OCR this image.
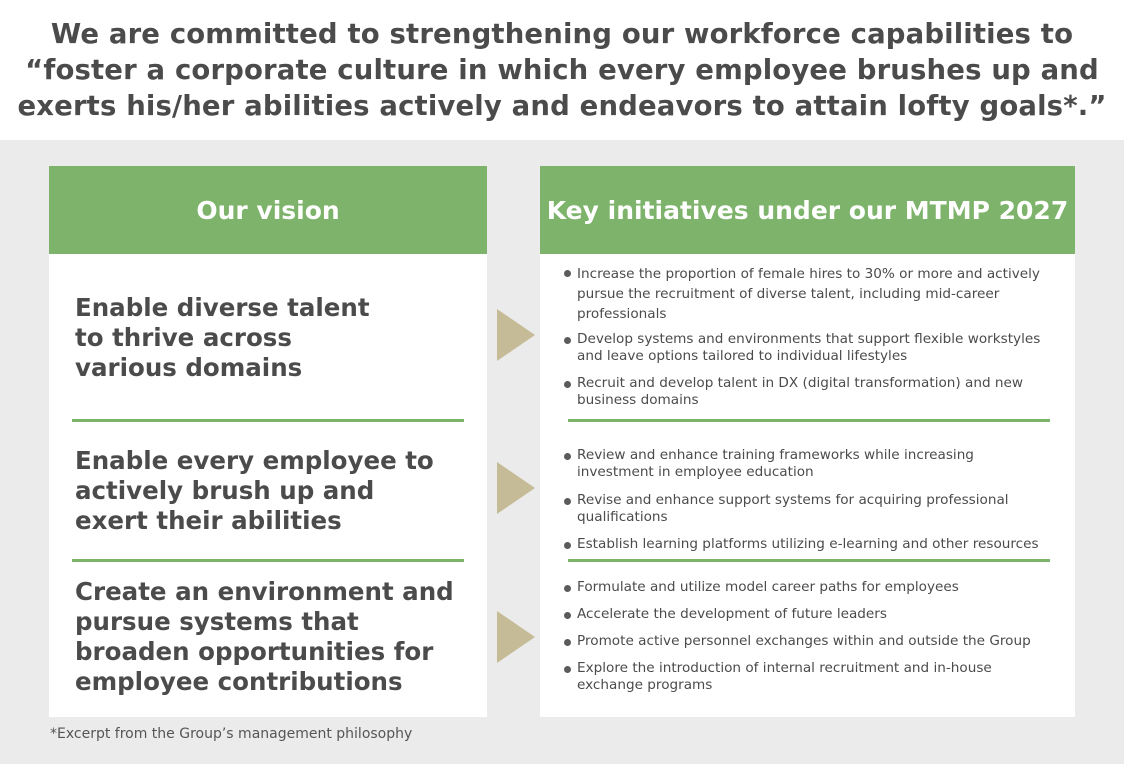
We are committed to strengthening our workforce capabilities to
“foster a corporate culture in which every employee brushes up and
exerts his/her abilities actively and endeavors to attain lofty goals*.”

Our vision

Enable diverse talent
to thrive across
various domains

Enable every employee to
actively brush up and
exert their abilities

Create an environment and
pursue systems that
broaden opportunities for
employee contributions

Key initiatives under our MTMP 2027
Increase the proportion of female hires to 30% or more and actively pursue the recruitment of diverse talent, including mid-career professionals
Develop systems and environments that support flexible workstyles and leave options tailored to individual lifestyles
Recruit and develop talent in DX (digital transformation) and new business domains
Review and enhance training frameworks while increasing investment in employee education
Revise and enhance support systems for acquiring professional qualifications
Establish learning platforms utilizing e-learning and other resources
Formulate and utilize model career paths for employees
Accelerate the development of future leaders
Promote active personnel exchanges within and outside the Group
Explore the introduction of internal recruitment and in-house exchange programs
*Excerpt from the Group’s management philosophy
